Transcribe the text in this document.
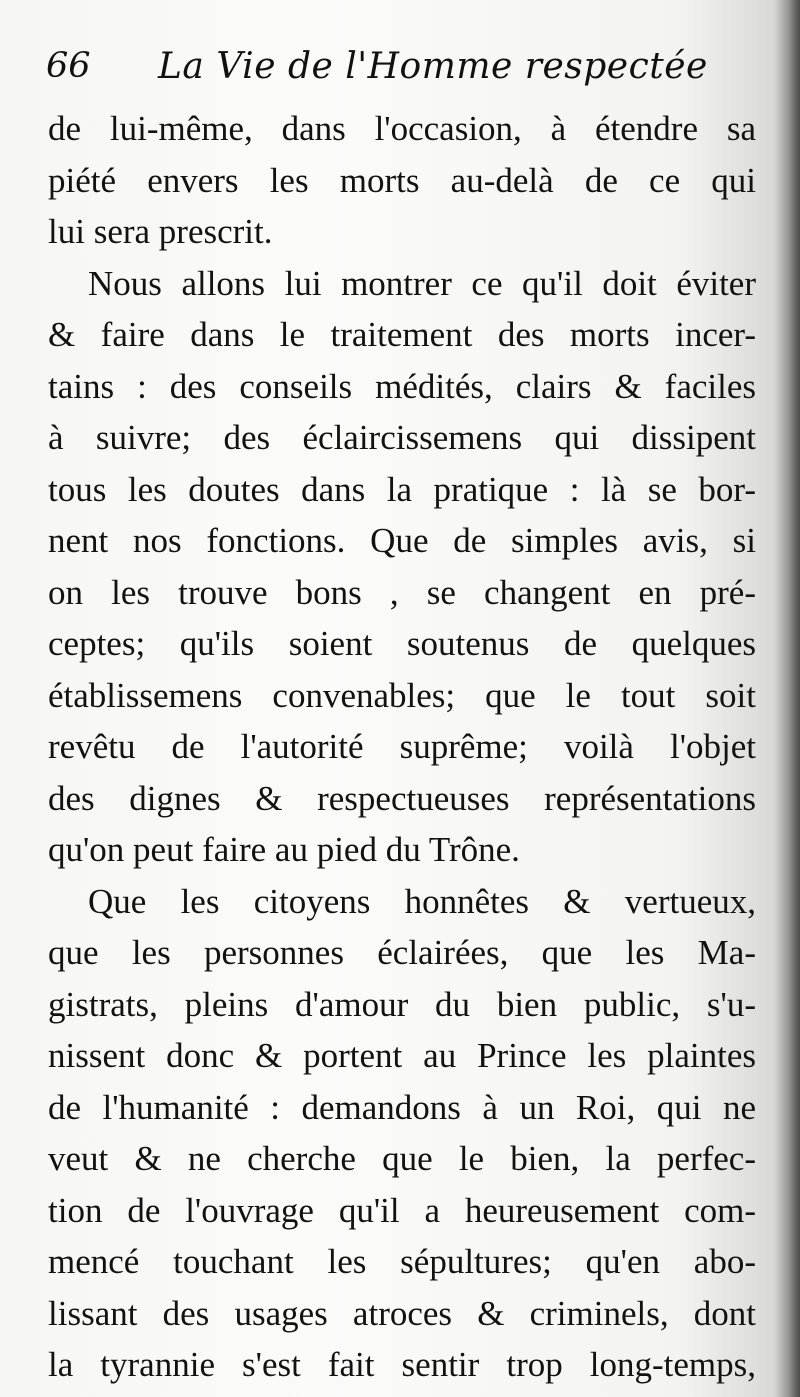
66 La Vie de l'Homme respectée
de lui-même, dans l'occasion, à étendre sa
piété envers les morts au-delà de ce qui
lui sera prescrit.
Nous allons lui montrer ce qu'il doit éviter
& faire dans le traitement des morts incer-
tains : des conseils médités, clairs & faciles
à suivre; des éclaircissemens qui dissipent
tous les doutes dans la pratique : là se bor-
nent nos fonctions. Que de simples avis, si
on les trouve bons , se changent en pré-
ceptes; qu'ils soient soutenus de quelques
établissemens convenables; que le tout soit
revêtu de l'autorité suprême; voilà l'objet
des dignes & respectueuses représentations
qu'on peut faire au pied du Trône.
Que les citoyens honnêtes & vertueux,
que les personnes éclairées, que les Ma-
gistrats, pleins d'amour du bien public, s'u-
nissent donc & portent au Prince les plaintes
de l'humanité : demandons à un Roi, qui ne
veut & ne cherche que le bien, la perfec-
tion de l'ouvrage qu'il a heureusement com-
mencé touchant les sépultures; qu'en abo-
lissant des usages atroces & criminels, dont
la tyrannie s'est fait sentir trop long-temps,
